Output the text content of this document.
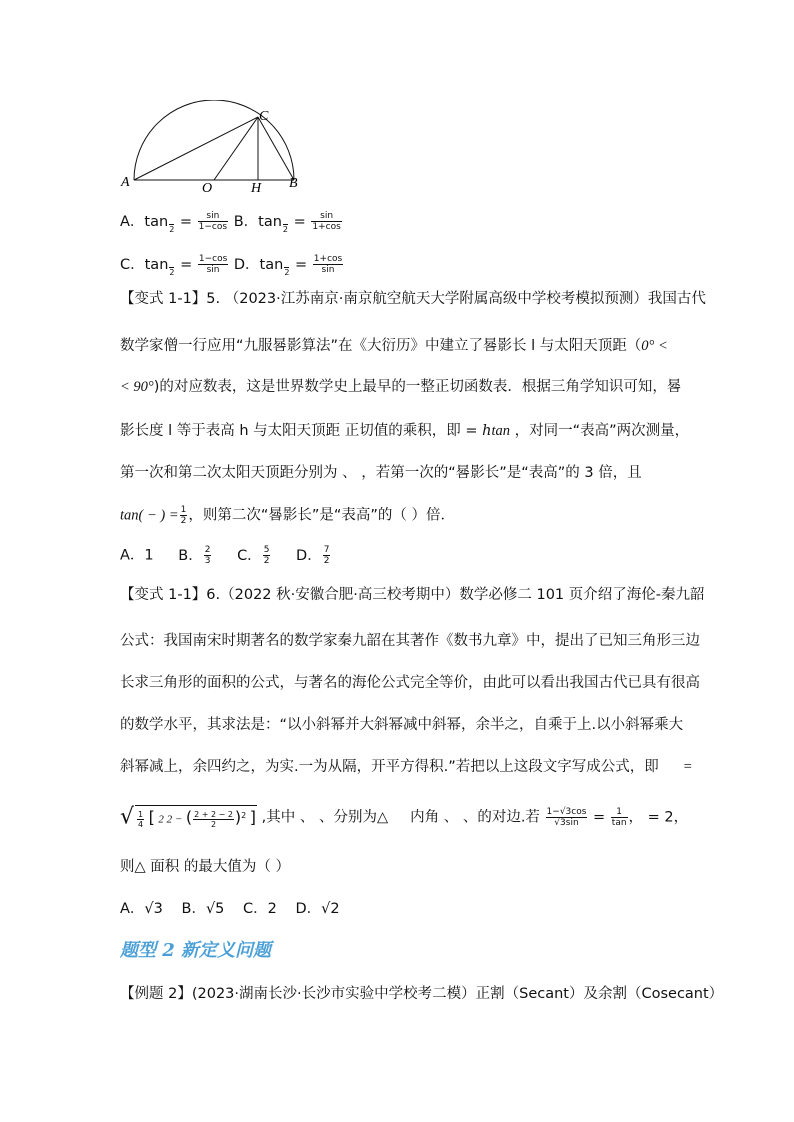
A	O	H B
C
A．tan
$2 = \frac{\sin}{1-\cos}$ B．tan
$2 = \frac{\sin}{1+\cos}$
C．tan
$2 = \frac{1-\cos}{\sin}$ D．tan
$2 = \frac{1+\cos}{\sin}$
【变式 1-1】5. （2023·江苏南京·南京航空航天大学附属高级中学校考模拟预测）我国古代
数学家僧一行应用“九服晷影算法”在《大衍历》中建立了晷影长 l 与太阳天顶距（0° <
< 90°)的对应数表，这是世界数学史上最早的一整正切函数表．根据三角学知识可知，晷
影长度 l 等于表高 h 与太阳天顶距 正切值的乘积，即 = ℎtan ，对同一“表高”两次测量，
第一次和第二次太阳天顶距分别为 、 ，若第一次的“晷影长”是“表高”的 3 倍，且
tan( − ) = $\frac{1}{2}$ ，则第二次“晷影长”是“表高”的（ ）倍．
A．1 B． $\frac{2}{3}$ C． $\frac{5}{2}$ D． $\frac{7}{2}$
【变式 1-1】6.（2022 秋·安徽合肥·高三校考期中）数学必修二 101 页介绍了海伦-秦九韶
公式：我国南宋时期著名的数学家秦九韶在其著作《数书九章》中，提出了已知三角形三边
长求三角形的面积的公式，与著名的海伦公式完全等价，由此可以看出我国古代已具有很高
的数学水平，其求法是：“以小斜幂并大斜幂减中斜幂，余半之，自乘于上.以小斜幂乘大
斜幂减上，余四约之，为实.一为从隔，开平方得积.”若把以上这段文字写成公式，即 =
√ $\frac{1}{4}$ [ 2 2 − ( $\frac{2 + 2 - 2}{2} )^2$ ] ,其中 、 、分别为△ 内角 、 、的对边.若 $\frac{1-√3\cos}{√3\sin} = \frac{1}{\tan}$ ， = 2，
则△ 面积 的最大值为（ ）
A．√3 B．√5 C．2 D．√2
题型 2 新定义问题
【例题 2】(2023·湖南长沙·长沙市实验中学校考二模）正割（Secant）及余割（Cosecant）
